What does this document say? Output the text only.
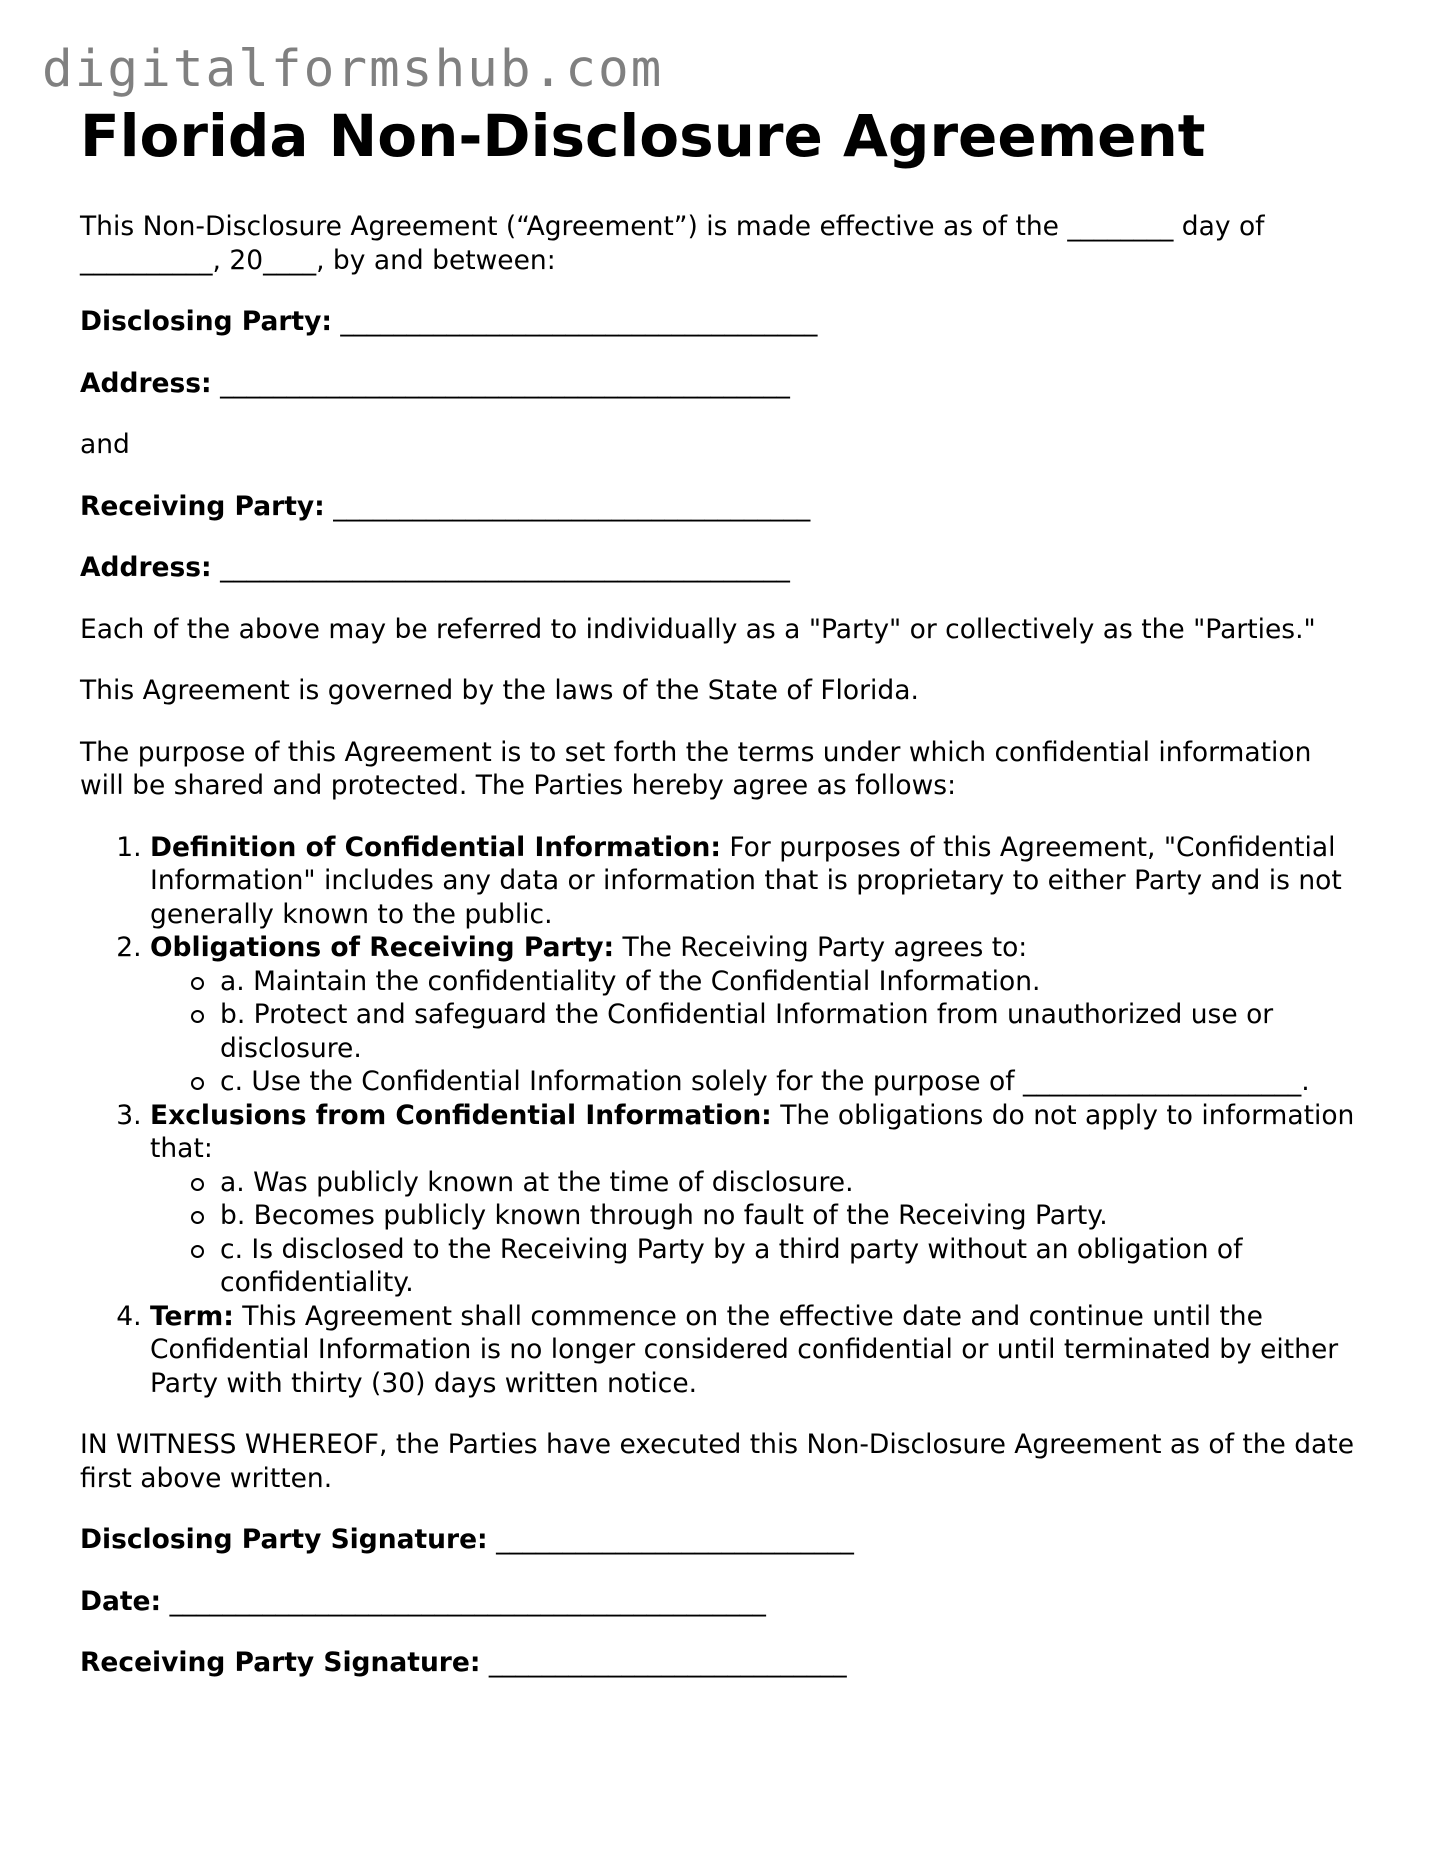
digitalformshub.com
Florida Non-Disclosure Agreement

This Non-Disclosure Agreement (“Agreement”) is made effective as of the ________ day of __________, 20____, by and between:

Disclosing Party: ____________________________________

Address: ___________________________________________

and

Receiving Party: ____________________________________

Address: ___________________________________________

Each of the above may be referred to individually as a "Party" or collectively as the "Parties."

This Agreement is governed by the laws of the State of Florida.

The purpose of this Agreement is to set forth the terms under which confidential information will be shared and protected. The Parties hereby agree as follows:

1. Definition of Confidential Information: For purposes of this Agreement, "Confidential Information" includes any data or information that is proprietary to either Party and is not generally known to the public.
2. Obligations of Receiving Party: The Receiving Party agrees to:
a. Maintain the confidentiality of the Confidential Information.
b. Protect and safeguard the Confidential Information from unauthorized use or disclosure.
c. Use the Confidential Information solely for the purpose of _____________________.
3. Exclusions from Confidential Information: The obligations do not apply to information that:
a. Was publicly known at the time of disclosure.
b. Becomes publicly known through no fault of the Receiving Party.
c. Is disclosed to the Receiving Party by a third party without an obligation of confidentiality.
4. Term: This Agreement shall commence on the effective date and continue until the Confidential Information is no longer considered confidential or until terminated by either Party with thirty (30) days written notice.

IN WITNESS WHEREOF, the Parties have executed this Non-Disclosure Agreement as of the date first above written.

Disclosing Party Signature: ___________________________

Date: _____________________________________________

Receiving Party Signature: ___________________________
